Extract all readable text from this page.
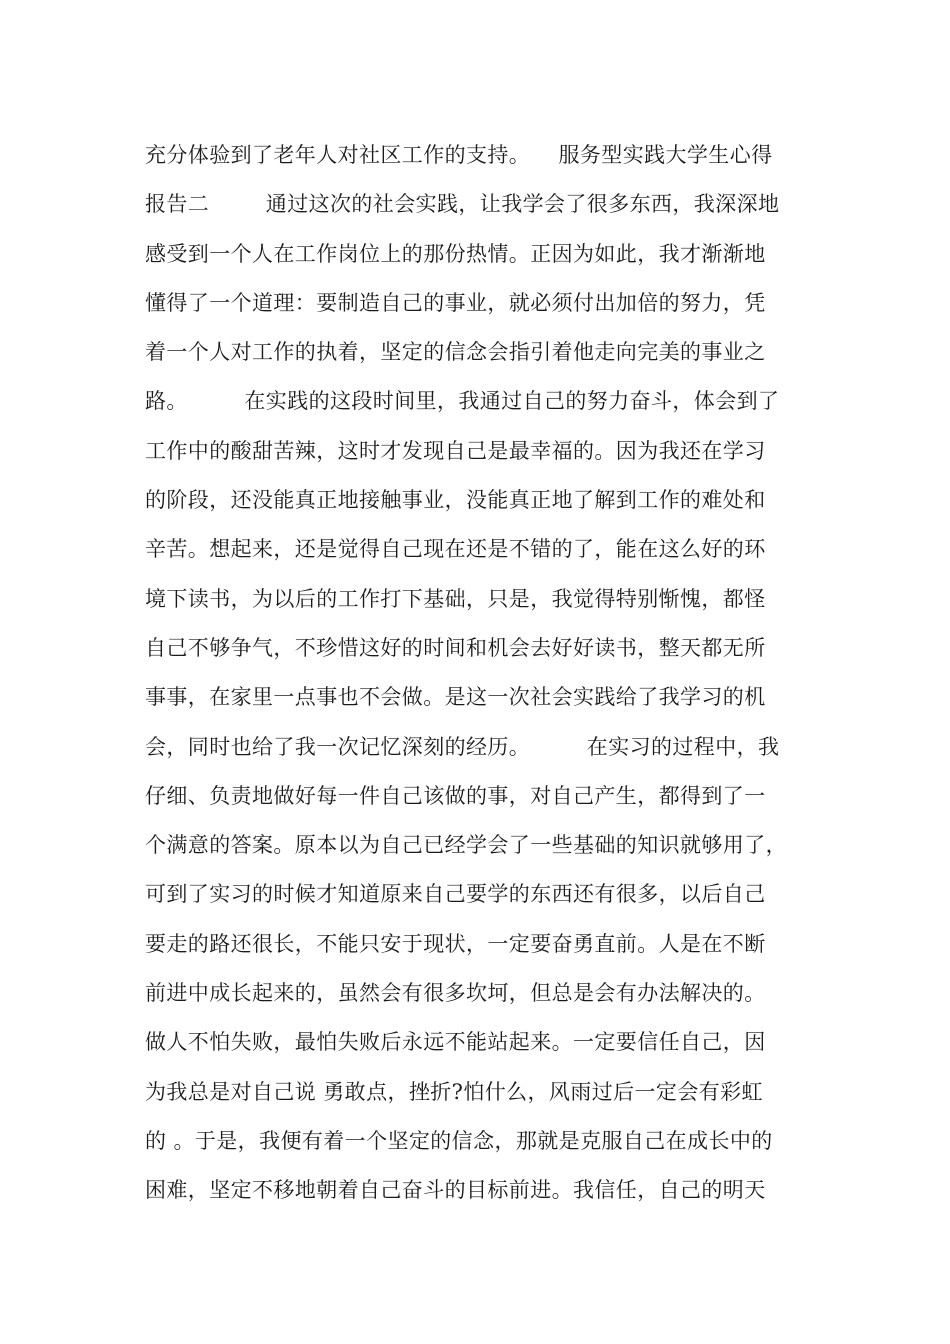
充分体验到了老年人对社区工作的支持。    服务型实践大学生心得
报告二        通过这次的社会实践，让我学会了很多东西，我深深地
感受到一个人在工作岗位上的那份热情。正因为如此，我才渐渐地
懂得了一个道理：要制造自己的事业，就必须付出加倍的努力，凭
着一个人对工作的执着，坚定的信念会指引着他走向完美的事业之
路。        在实践的这段时间里，我通过自己的努力奋斗，体会到了
工作中的酸甜苦辣，这时才发现自己是最幸福的。因为我还在学习
的阶段，还没能真正地接触事业，没能真正地了解到工作的难处和
辛苦。想起来，还是觉得自己现在还是不错的了，能在这么好的环
境下读书，为以后的工作打下基础，只是，我觉得特别惭愧，都怪
自己不够争气，不珍惜这好的时间和机会去好好读书，整天都无所
事事，在家里一点事也不会做。是这一次社会实践给了我学习的机
会，同时也给了我一次记忆深刻的经历。        在实习的过程中，我
仔细、负责地做好每一件自己该做的事，对自己产生，都得到了一
个满意的答案。原本以为自己已经学会了一些基础的知识就够用了，
可到了实习的时候才知道原来自己要学的东西还有很多，以后自己
要走的路还很长，不能只安于现状，一定要奋勇直前。人是在不断
前进中成长起来的，虽然会有很多坎坷，但总是会有办法解决的。
做人不怕失败，最怕失败后永远不能站起来。一定要信任自己，因
为我总是对自己说 勇敢点，挫折?怕什么，风雨过后一定会有彩虹
的 。于是，我便有着一个坚定的信念，那就是克服自己在成长中的
困难，坚定不移地朝着自己奋斗的目标前进。我信任，自己的明天
